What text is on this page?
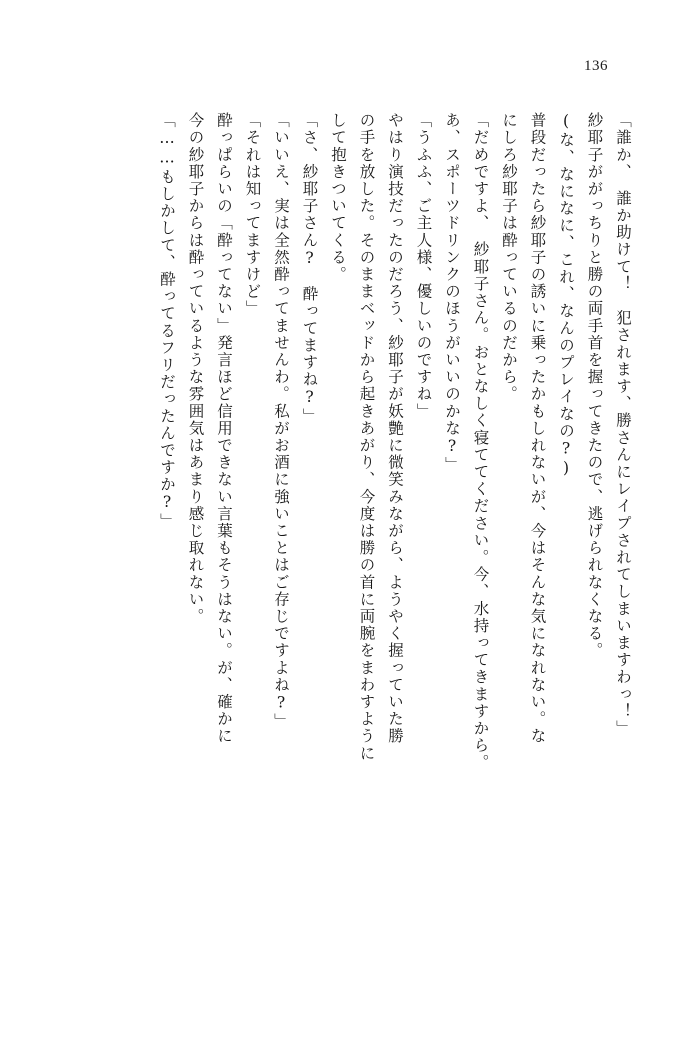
136
「誰か、　誰か助けて！　犯されます、勝さんにレイプされてしまいますわっ！」
紗耶子ががっちりと勝の両手首を握ってきたので、逃げられなくなる。
(な、なになに、これ、なんのプレイなの?)
普段だったら紗耶子の誘いに乗ったかもしれないが、今はそんな気になれない。な
にしろ紗耶子は酔っているのだから。
「だめですよ、　紗耶子さん。おとなしく寝ててください。今、水持ってきますから。
あ、スポーツドリンクのほうがいいのかな?」
「うふふ、ご主人様、優しいのですね」
やはり演技だったのだろう、紗耶子が妖艶に微笑みながら、ようやく握っていた勝
の手を放した。そのままベッドから起きあがり、今度は勝の首に両腕をまわすように
して抱きついてくる。
「さ、紗耶子さん?　酔ってますね?」
「いいえ、実は全然酔ってませんわ。私がお酒に強いことはご存じですよね?」
「それは知ってますけど」
酔っぱらいの「酔ってない」発言ほど信用できない言葉もそうはない。が、確かに
今の紗耶子からは酔っているような雰囲気はあまり感じ取れない。
「……もしかして、酔ってるフリだったんですか?」
